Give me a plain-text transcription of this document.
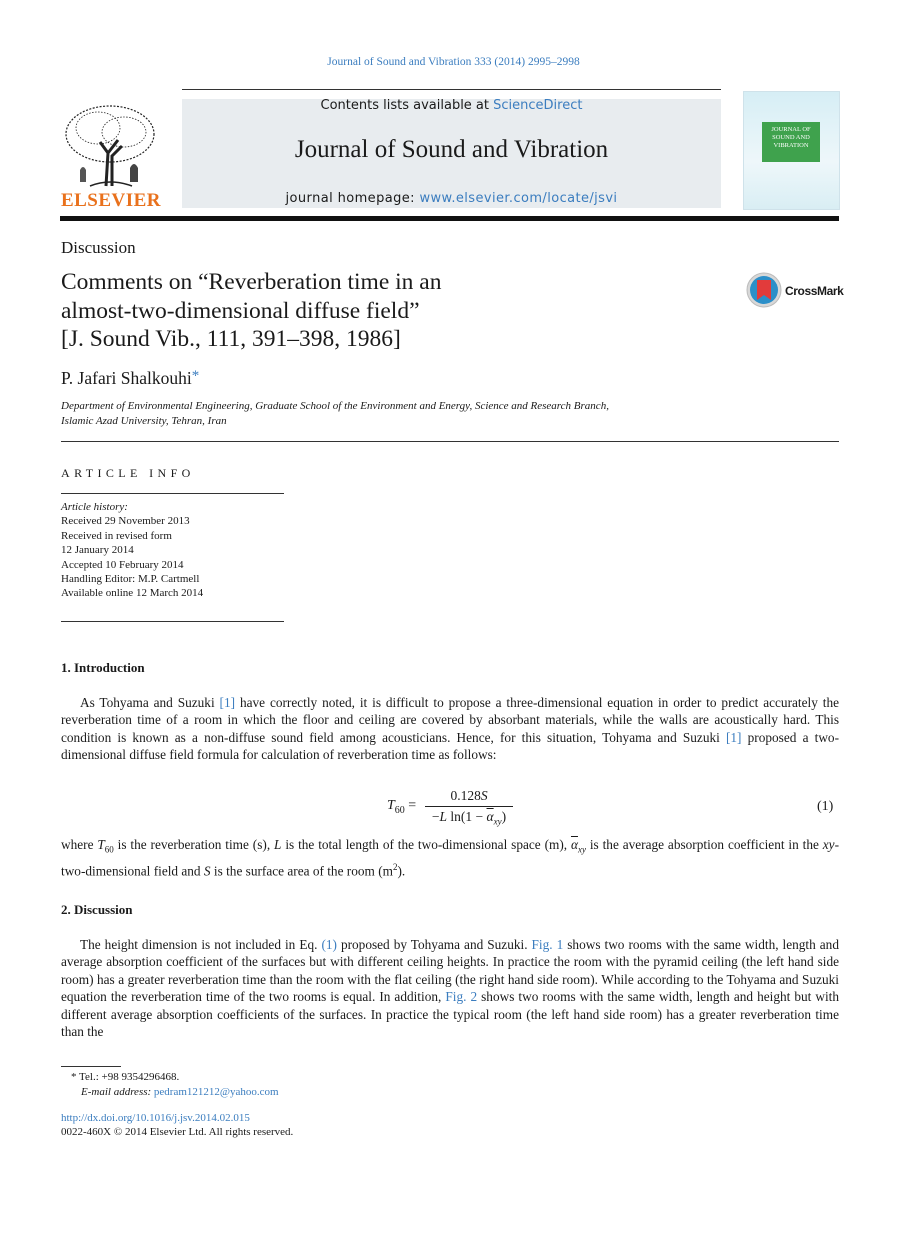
Journal of Sound and Vibration 333 (2014) 2995–2998
ELSEVIER
Contents lists available at ScienceDirect
Journal of Sound and Vibration
journal homepage: www.elsevier.com/locate/jsvi
JOURNAL OF SOUND AND VIBRATION
Discussion
Comments on “Reverberation time in an
almost-two-dimensional diffuse field”
[J. Sound Vib., 111, 391–398, 1986]
CrossMark
P. Jafari Shalkouhi*
Department of Environmental Engineering, Graduate School of the Environment and Energy, Science and Research Branch,
Islamic Azad University, Tehran, Iran
ARTICLE INFO
Article history:
Received 29 November 2013
Received in revised form
12 January 2014
Accepted 10 February 2014
Handling Editor: M.P. Cartmell
Available online 12 March 2014
1. Introduction
As Tohyama and Suzuki [1] have correctly noted, it is difficult to propose a three-dimensional equation in order to predict accurately the reverberation time of a room in which the floor and ceiling are covered by absorbant materials, while the walls are acoustically hard. This condition is known as a non-diffuse sound field among acousticians. Hence, for this situation, Tohyama and Suzuki [1] proposed a two-dimensional diffuse field formula for calculation of reverberation time as follows:
$T_{60}$ =
0.128S
−L $\ln(1 - \overline{\alpha}_{xy})$
(1)
where $T_{60}$ is the reverberation time (s), L is the total length of the two-dimensional space (m), $\overline{\alpha}_{xy}$ is the average absorption coefficient in the xy-two-dimensional field and S is the surface area of the room $(m^2)$.
2. Discussion
The height dimension is not included in Eq. (1) proposed by Tohyama and Suzuki. Fig. 1 shows two rooms with the same width, length and average absorption coefficient of the surfaces but with different ceiling heights. In practice the room with the pyramid ceiling (the left hand side room) has a greater reverberation time than the room with the flat ceiling (the right hand side room). While according to the Tohyama and Suzuki equation the reverberation time of the two rooms is equal. In addition, Fig. 2 shows two rooms with the same width, length and height but with different average absorption coefficients of the surfaces. In practice the typical room (the left hand side room) has a greater reverberation time than the
* Tel.: +98 9354296468.
E-mail address: pedram121212@yahoo.com
http://dx.doi.org/10.1016/j.jsv.2014.02.015
0022-460X © 2014 Elsevier Ltd. All rights reserved.
